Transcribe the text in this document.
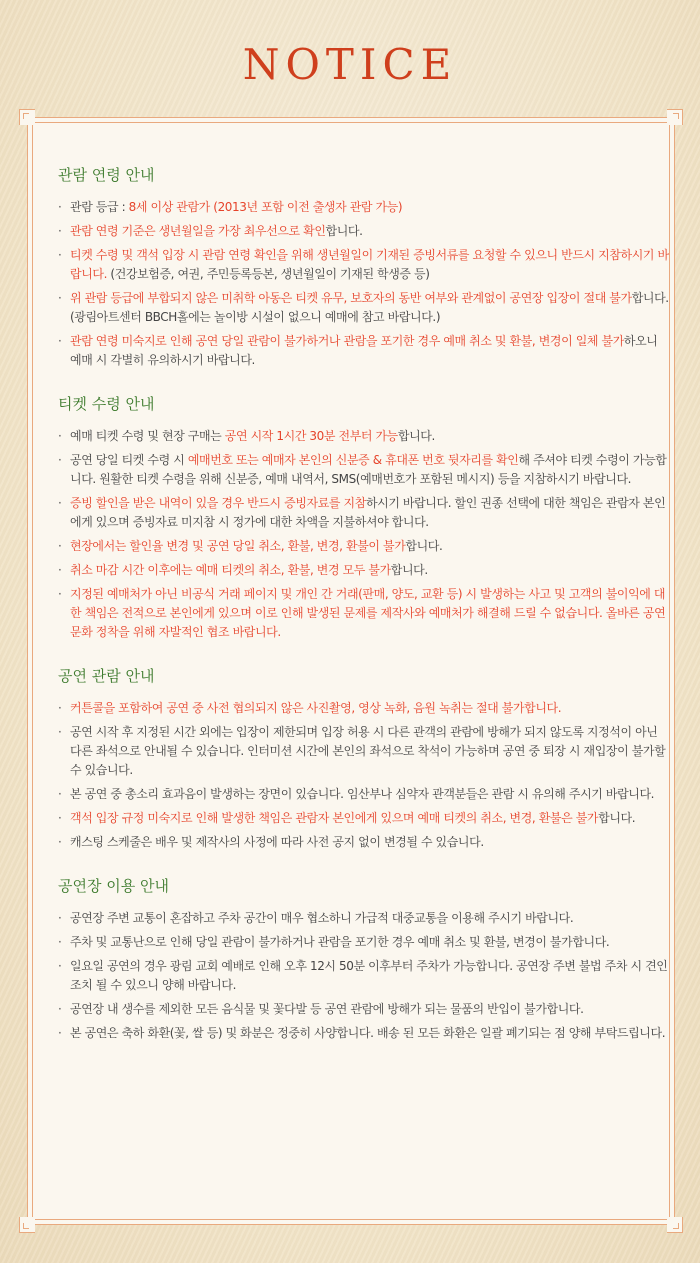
NOTICE
관람 연령 안내
· 관람 등급 : 8세 이상 관람가 (2013년 포함 이전 출생자 관람 가능)
· 관람 연령 기준은 생년월일을 가장 최우선으로 확인합니다.
· 티켓 수령 및 객석 입장 시 관람 연령 확인을 위해 생년월일이 기재된 증빙서류를 요청할 수 있으니 반드시 지참하시기 바랍니다. (건강보험증, 여권, 주민등록등본, 생년월일이 기재된 학생증 등)
· 위 관람 등급에 부합되지 않은 미취학 아동은 티켓 유무, 보호자의 동반 여부와 관계없이 공연장 입장이 절대 불가합니다.(광림아트센터 BBCH홀에는 놀이방 시설이 없으니 예매에 참고 바랍니다.)
· 관람 연령 미숙지로 인해 공연 당일 관람이 불가하거나 관람을 포기한 경우 예매 취소 및 환불, 변경이 일체 불가하오니 예매 시 각별히 유의하시기 바랍니다.
티켓 수령 안내
· 예매 티켓 수령 및 현장 구매는 공연 시작 1시간 30분 전부터 가능합니다.
· 공연 당일 티켓 수령 시 예매번호 또는 예매자 본인의 신분증 & 휴대폰 번호 뒷자리를 확인해 주셔야 티켓 수령이 가능합니다. 원활한 티켓 수령을 위해 신분증, 예매 내역서, SMS(예매번호가 포함된 메시지) 등을 지참하시기 바랍니다.
· 증빙 할인을 받은 내역이 있을 경우 반드시 증빙자료를 지참하시기 바랍니다. 할인 권종 선택에 대한 책임은 관람자 본인에게 있으며 증빙자료 미지참 시 정가에 대한 차액을 지불하셔야 합니다.
· 현장에서는 할인율 변경 및 공연 당일 취소, 환불, 변경, 환불이 불가합니다.
· 취소 마감 시간 이후에는 예매 티켓의 취소, 환불, 변경 모두 불가합니다.
· 지정된 예매처가 아닌 비공식 거래 페이지 및 개인 간 거래(판매, 양도, 교환 등) 시 발생하는 사고 및 고객의 불이익에 대한 책임은 전적으로 본인에게 있으며 이로 인해 발생된 문제를 제작사와 예매처가 해결해 드릴 수 없습니다. 올바른 공연문화 정착을 위해 자발적인 협조 바랍니다.
공연 관람 안내
· 커튼콜을 포함하여 공연 중 사전 협의되지 않은 사진촬영, 영상 녹화, 음원 녹취는 절대 불가합니다.
· 공연 시작 후 지정된 시간 외에는 입장이 제한되며 입장 허용 시 다른 관객의 관람에 방해가 되지 않도록 지정석이 아닌 다른 좌석으로 안내될 수 있습니다. 인터미션 시간에 본인의 좌석으로 착석이 가능하며 공연 중 퇴장 시 재입장이 불가할 수 있습니다.
· 본 공연 중 총소리 효과음이 발생하는 장면이 있습니다. 임산부나 심약자 관객분들은 관람 시 유의해 주시기 바랍니다.
· 객석 입장 규정 미숙지로 인해 발생한 책임은 관람자 본인에게 있으며 예매 티켓의 취소, 변경, 환불은 불가합니다.
· 캐스팅 스케줄은 배우 및 제작사의 사정에 따라 사전 공지 없이 변경될 수 있습니다.
공연장 이용 안내
· 공연장 주변 교통이 혼잡하고 주차 공간이 매우 협소하니 가급적 대중교통을 이용해 주시기 바랍니다.
· 주차 및 교통난으로 인해 당일 관람이 불가하거나 관람을 포기한 경우 예매 취소 및 환불, 변경이 불가합니다.
· 일요일 공연의 경우 광림 교회 예배로 인해 오후 12시 50분 이후부터 주차가 가능합니다. 공연장 주변 불법 주차 시 견인 조치 될 수 있으니 양해 바랍니다.
· 공연장 내 생수를 제외한 모든 음식물 및 꽃다발 등 공연 관람에 방해가 되는 물품의 반입이 불가합니다.
· 본 공연은 축하 화환(꽃, 쌀 등) 및 화분은 정중히 사양합니다. 배송 된 모든 화환은 일괄 폐기되는 점 양해 부탁드립니다.
